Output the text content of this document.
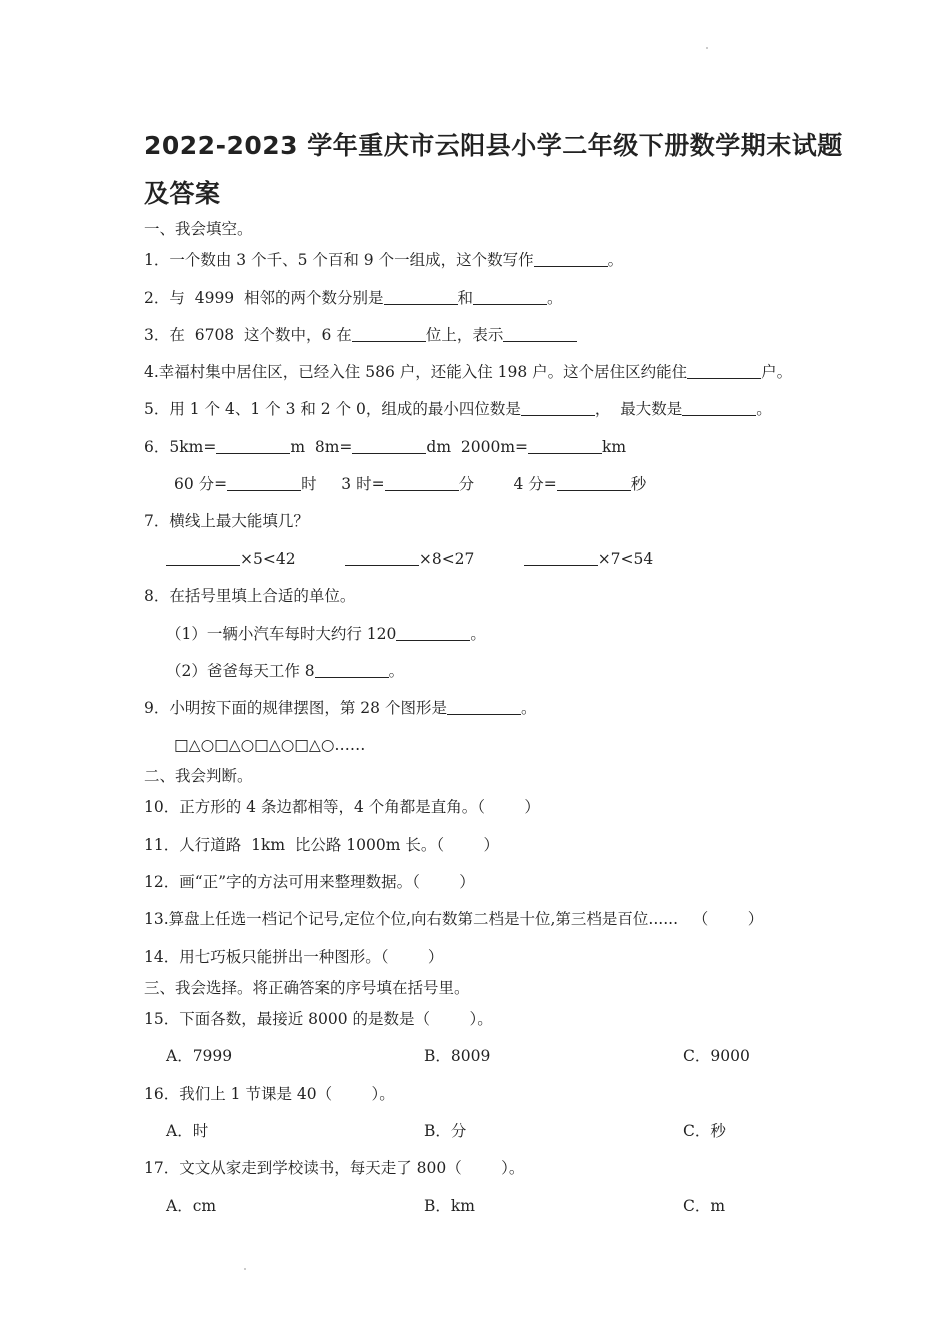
2022-2023 学年重庆市云阳县小学二年级下册数学期末试题
及答案
一、我会填空。
1．一个数由 3 个千、5 个百和 9 个一组成，这个数写作	。
2．与  4999  相邻的两个数分别是	和	。
3．在  6708  这个数中，6 在	位上，表示
4.幸福村集中居住区，已经入住 586 户，还能入住 198 户。这个居住区约能住	户。
5．用 1 个 4、1 个 3 和 2 个 0，组成的最小四位数是	，  最大数是	。
6．5km=	m  8m=	dm  2000m=	km
60 分=	时 3 时=	分	4 分=	秒
7．横线上最大能填几？
×5<42	×8<27	×7<54
8．在括号里填上合适的单位。
（1）一辆小汽车每时大约行 120	。
（2）爸爸每天工作 8	。
9．小明按下面的规律摆图，第 28 个图形是	。
□△○□△○□△○□△○……
二、我会判断。
10．正方形的 4 条边都相等，4 个角都是直角。（        ）
11．人行道路  1km  比公路 1000m 长。（        ）
12．画“正”字的方法可用来整理数据。（        ）
13.算盘上任选一档记个记号,定位个位,向右数第二档是十位,第三档是百位......   （        ）
14．用七巧板只能拼出一种图形。（        ）
三、我会选择。将正确答案的序号填在括号里。
15．下面各数，最接近 8000 的是数是（        ）。
A．7999	B．8009	C．9000
16．我们上 1 节课是 40（        ）。
A．时	B．分	C．秒
17．文文从家走到学校读书，每天走了 800（        ）。
A．cm	B．km	C．m
